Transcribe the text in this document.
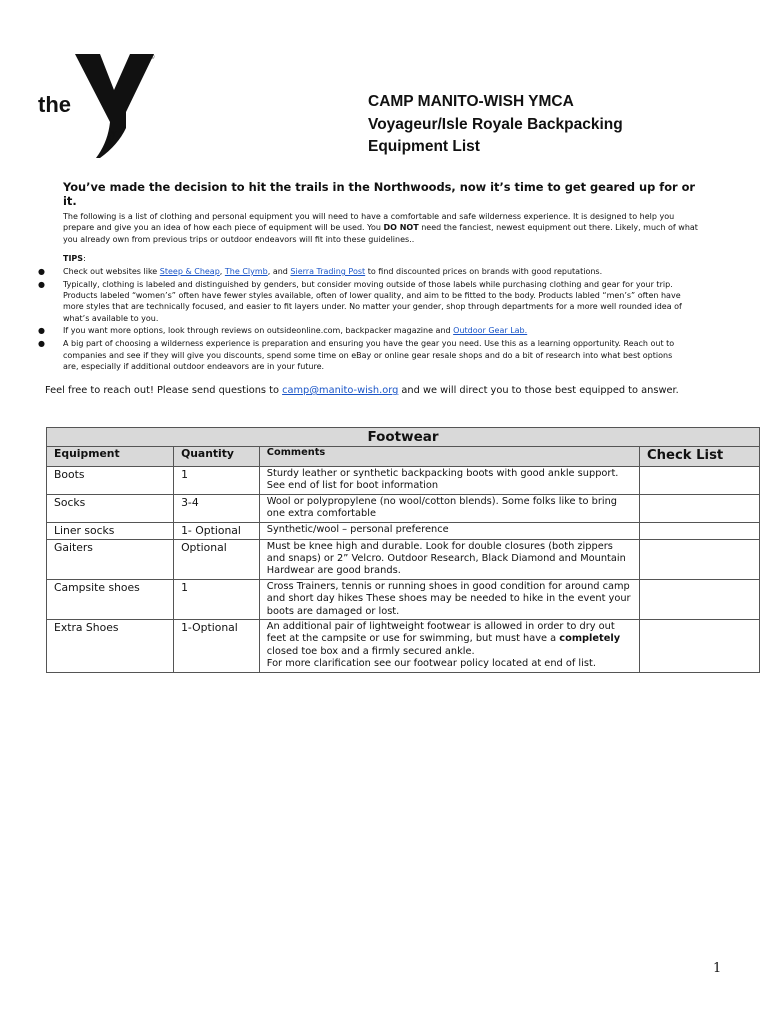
the
YMCA
®
CAMP MANITO-WISH YMCA
Voyageur/Isle Royale Backpacking
Equipment List

You’ve made the decision to hit the trails in the Northwoods, now it’s time to get geared up for or it.

The following is a list of clothing and personal equipment you will need to have a comfortable and safe wilderness experience. It is designed to help you prepare and give you an idea of how each piece of equipment will be used. You DO NOT need the fanciest, newest equipment out there. Likely, much of what you already own from previous trips or outdoor endeavors will fit into these guidelines..

TIPS:
● Check out websites like Steep & Cheap, The Clymb, and Sierra Trading Post to find discounted prices on brands with good reputations.
● Typically, clothing is labeled and distinguished by genders, but consider moving outside of those labels while purchasing clothing and gear for your trip. Products labeled “women’s” often have fewer styles available, often of lower quality, and aim to be fitted to the body. Products labled “men’s” often have more styles that are technically focused, and easier to fit layers under. No matter your gender, shop through departments for a more well rounded idea of what’s available to you.
● If you want more options, look through reviews on outsideonline.com, backpacker magazine and Outdoor Gear Lab.
● A big part of choosing a wilderness experience is preparation and ensuring you have the gear you need. Use this as a learning opportunity. Reach out to companies and see if they will give you discounts, spend some time on eBay or online gear resale shops and do a bit of research into what best options are, especially if additional outdoor endeavors are in your future.
Feel free to reach out! Please send questions to camp@manito-wish.org and we will direct you to those best equipped to answer.
Footwear			
Equipment	Quantity	Comments	Check List
Boots	1	Sturdy leather or synthetic backpacking boots with good ankle support. See end of list for boot information	
Socks	3-4	Wool or polypropylene (no wool/cotton blends). Some folks like to bring one extra comfortable	
Liner socks	1- Optional	Synthetic/wool – personal preference	
Gaiters	Optional	Must be knee high and durable. Look for double closures (both zippers and snaps) or 2” Velcro. Outdoor Research, Black Diamond and Mountain Hardwear are good brands.	
Campsite shoes	1	Cross Trainers, tennis or running shoes in good condition for around camp and short day hikes These shoes may be needed to hike in the event your boots are damaged or lost.	
Extra Shoes	1-Optional	An additional pair of lightweight footwear is allowed in order to dry out feet at the campsite or use for swimming, but must have a completely closed toe box and a firmly secured ankle.
For more clarification see our footwear policy located at end of list.	
1
